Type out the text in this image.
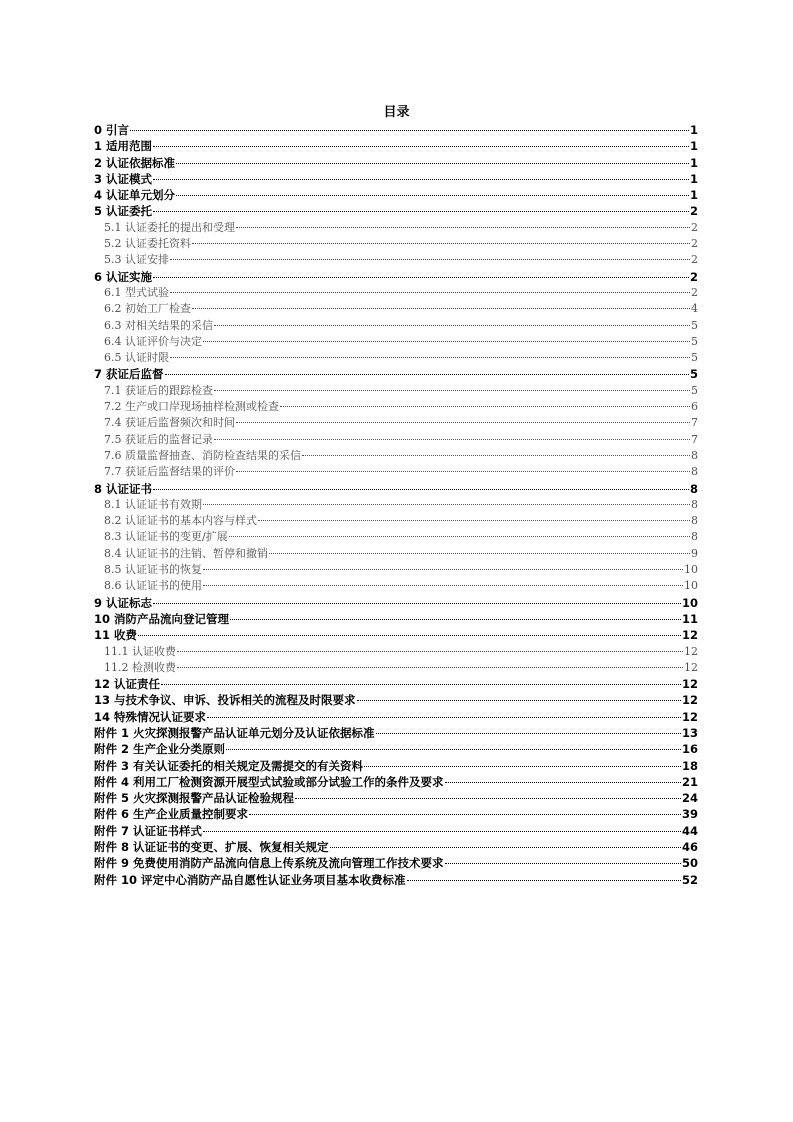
目录
0 引言	1
1 适用范围	1
2 认证依据标准	1
3 认证模式	1
4 认证单元划分	1
5 认证委托	2
5.1 认证委托的提出和受理	2
5.2 认证委托资料	2
5.3 认证安排	2
6 认证实施	2
6.1 型式试验	2
6.2 初始工厂检查	4
6.3 对相关结果的采信	5
6.4 认证评价与决定	5
6.5 认证时限	5
7 获证后监督	5
7.1 获证后的跟踪检查	5
7.2 生产或口岸现场抽样检测或检查	6
7.4 获证后监督频次和时间	7
7.5 获证后的监督记录	7
7.6 质量监督抽查、消防检查结果的采信	8
7.7 获证后监督结果的评价	8
8 认证证书	8
8.1 认证证书有效期	8
8.2 认证证书的基本内容与样式	8
8.3 认证证书的变更/扩展	8
8.4 认证证书的注销、暂停和撤销	9
8.5 认证证书的恢复	10
8.6 认证证书的使用	10
9 认证标志	10
10 消防产品流向登记管理	11
11 收费	12
11.1 认证收费	12
11.2 检测收费	12
12 认证责任	12
13 与技术争议、申诉、投诉相关的流程及时限要求	12
14 特殊情况认证要求	12
附件 1 火灾探测报警产品认证单元划分及认证依据标准	13
附件 2 生产企业分类原则	16
附件 3 有关认证委托的相关规定及需提交的有关资料	18
附件 4 利用工厂检测资源开展型式试验或部分试验工作的条件及要求	21
附件 5 火灾探测报警产品认证检验规程	24
附件 6 生产企业质量控制要求	39
附件 7 认证证书样式	44
附件 8 认证证书的变更、扩展、恢复相关规定	46
附件 9 免费使用消防产品流向信息上传系统及流向管理工作技术要求	50
附件 10 评定中心消防产品自愿性认证业务项目基本收费标准	52
